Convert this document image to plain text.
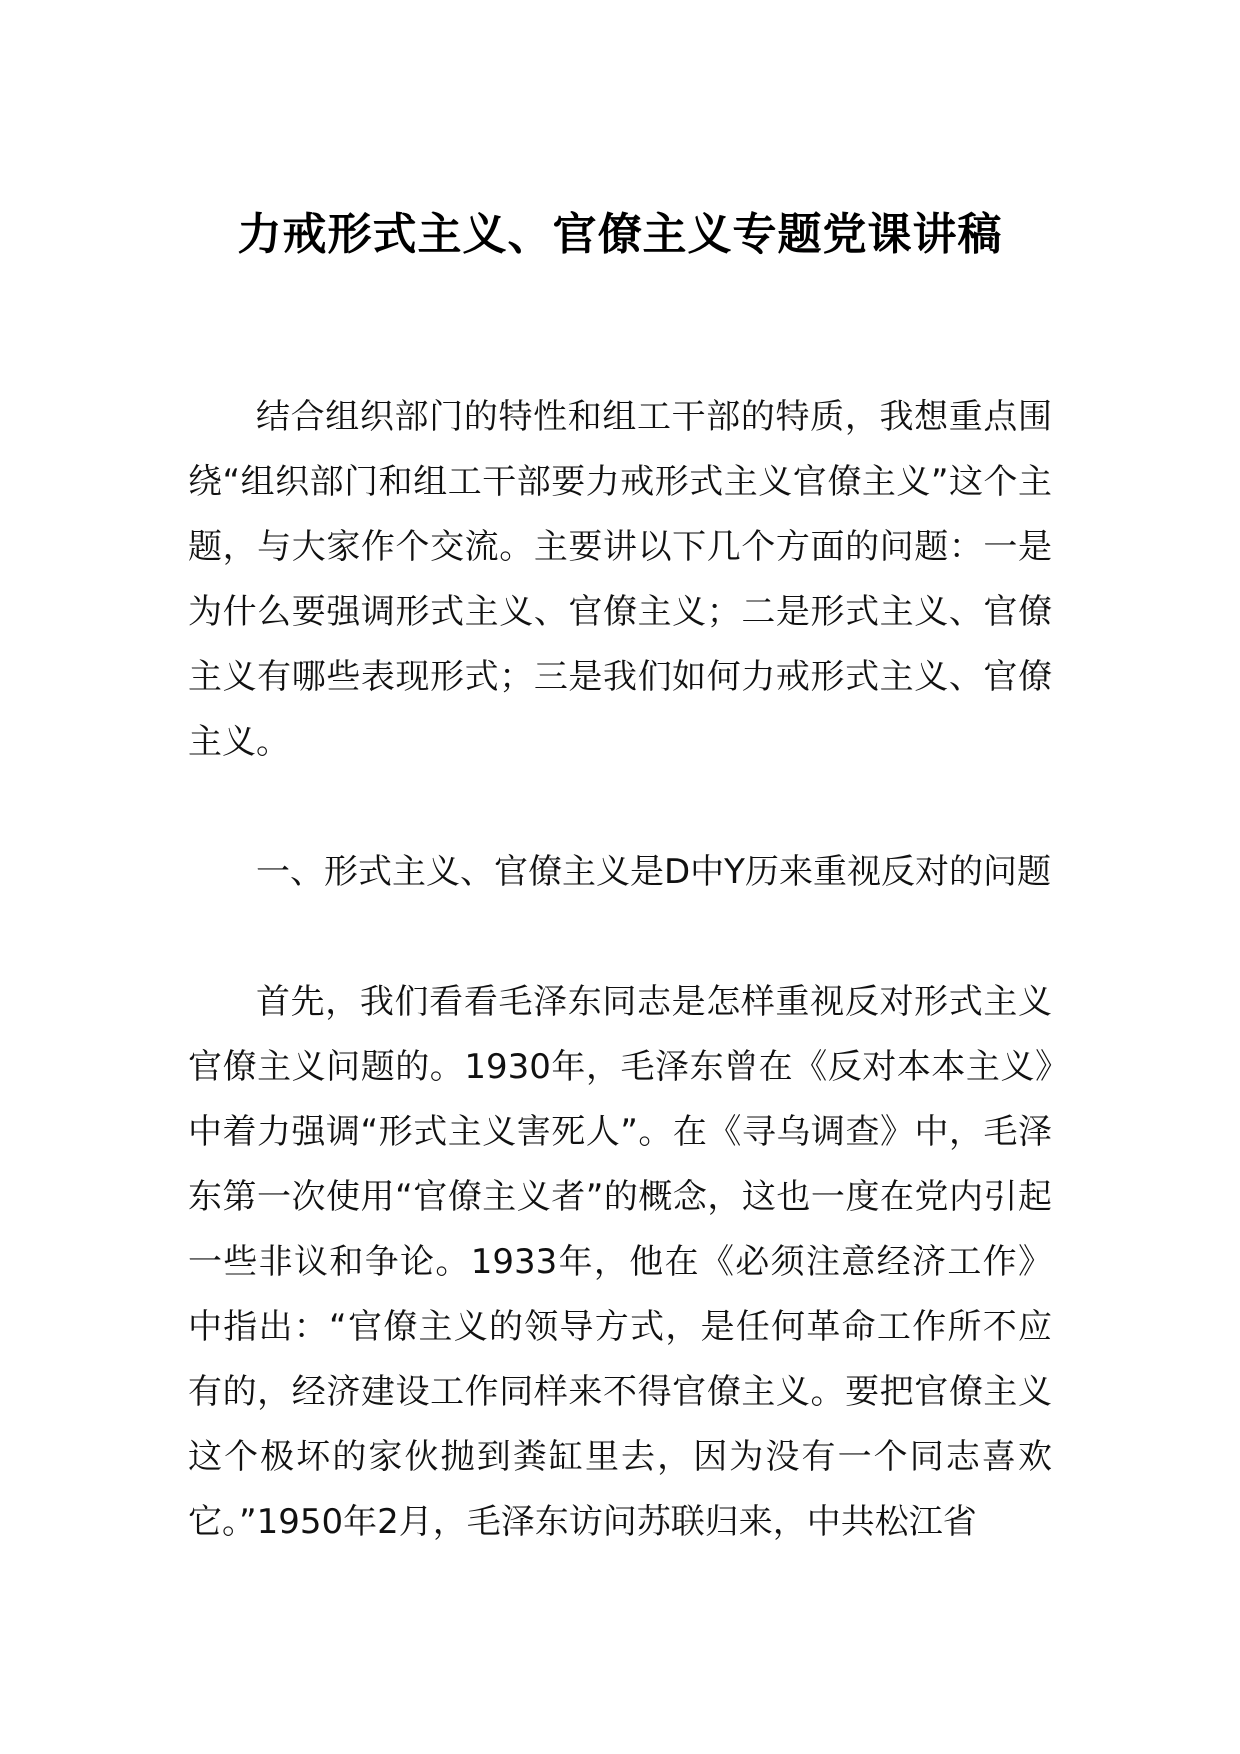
力戒形式主义、官僚主义专题党课讲稿

结合组织部门的特性和组工干部的特质，我想重点围绕“组织部门和组工干部要力戒形式主义官僚主义”这个主题，与大家作个交流。主要讲以下几个方面的问题：一是为什么要强调形式主义、官僚主义；二是形式主义、官僚主义有哪些表现形式；三是我们如何力戒形式主义、官僚主义。

一、形式主义、官僚主义是D中Y历来重视反对的问题

首先，我们看看毛泽东同志是怎样重视反对形式主义官僚主义问题的。1930年，毛泽东曾在《反对本本主义》中着力强调“形式主义害死人”。在《寻乌调查》中，毛泽东第一次使用“官僚主义者”的概念，这也一度在党内引起一些非议和争论。1933年，他在《必须注意经济工作》中指出：“官僚主义的领导方式，是任何革命工作所不应有的，经济建设工作同样来不得官僚主义。要把官僚主义这个极坏的家伙抛到粪缸里去，因为没有一个同志喜欢它。”1950年2月，毛泽东访问苏联归来，中共松江省
